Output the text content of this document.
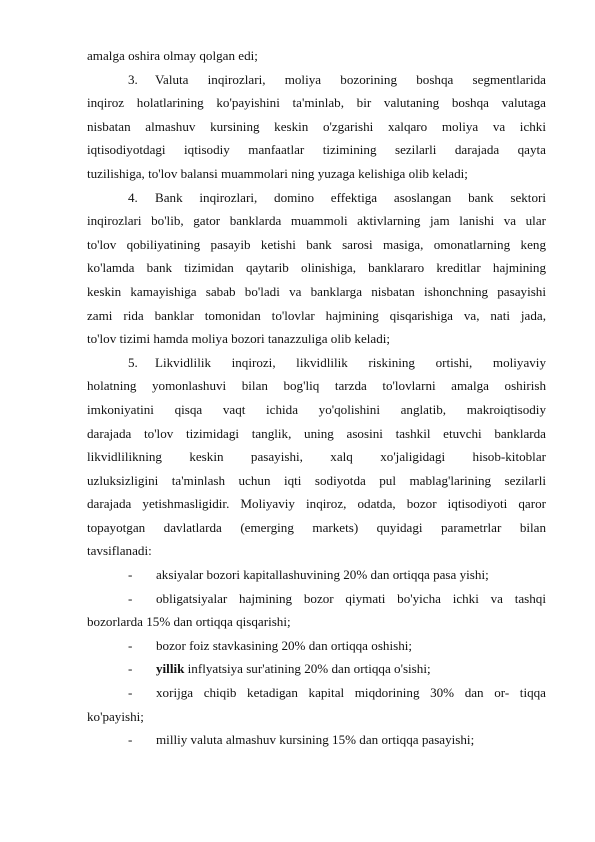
amalga oshira olmay qolgan edi;
3. Valuta inqirozlari, moliya bozorining boshqa segmentlarida
inqiroz holatlarining ko'payishini ta'minlab, bir valutaning boshqa valutaga
nisbatan almashuv kursining keskin o'zgarishi xalqaro moliya va ichki
iqtisodiyotdagi iqtisodiy manfaatlar tizimining sezilarli darajada qayta
tuzilishiga, to'lov balansi muammolari ning yuzaga kelishiga olib keladi;
4. Bank inqirozlari, domino effektiga asoslangan bank sektori
inqirozlari bo'lib, gator banklarda muammoli aktivlarning jam lanishi va ular
to'lov qobiliyatining pasayib ketishi bank sarosi masiga, omonatlarning keng
ko'lamda bank tizimidan qaytarib olinishiga, banklararo kreditlar hajmining
keskin kamayishiga sabab bo'ladi va banklarga nisbatan ishonchning pasayishi
zami rida banklar tomonidan to'lovlar hajmining qisqarishiga va, nati jada,
to'lov tizimi hamda moliya bozori tanazzuliga olib keladi;
5. Likvidlilik inqirozi, likvidlilik riskining ortishi, moliyaviy
holatning yomonlashuvi bilan bog'liq tarzda to'lovlarni amalga oshirish
imkoniyatini qisqa vaqt ichida yo'qolishini anglatib, makroiqtisodiy
darajada to'lov tizimidagi tanglik, uning asosini tashkil etuvchi banklarda
likvidlilikning keskin pasayishi, xalq xo'jaligidagi hisob-kitoblar
uzluksizligini ta'minlash uchun iqti sodiyotda pul mablag'larining sezilarli
darajada yetishmasligidir. Moliyaviy inqiroz, odatda, bozor iqtisodiyoti qaror
topayotgan davlatlarda (emerging markets) quyidagi parametrlar bilan
tavsiflanadi:
- aksiyalar bozori kapitallashuvining 20% dan ortiqqa pasa yishi;
- obligatsiyalar hajmining bozor qiymati bo'yicha ichki va tashqi
bozorlarda 15% dan ortiqqa qisqarishi;
- bozor foiz stavkasining 20% dan ortiqqa oshishi;
- yillik inflyatsiya sur'atining 20% dan ortiqqa o'sishi;
- xorijga chiqib ketadigan kapital miqdorining 30% dan or- tiqqa
ko'payishi;
- milliy valuta almashuv kursining 15% dan ortiqqa pasayishi;
